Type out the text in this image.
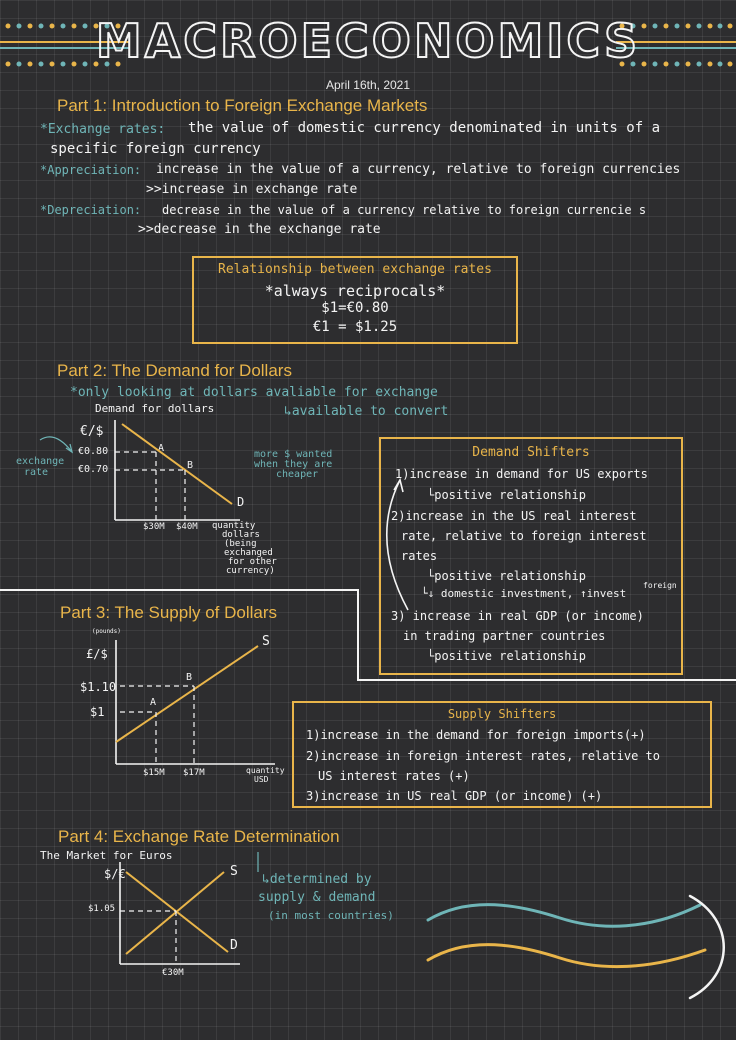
MACROECONOMICS
April 16th, 2021
Part 1: Introduction to Foreign Exchange Markets
*Exchange rates: the value of domestic currency denominated in units of a
specific foreign currency
*Appreciation: increase in the value of a currency, relative to foreign currencies
>>increase in exchange rate
*Depreciation: decrease in the value of a currency relative to foreign currencie s
>>decrease in the exchange rate
Relationship between exchange rates
*always reciprocals*
$1=€0.80
€1 = $1.25
Part 2: The Demand for Dollars
*only looking at dollars avaliable for exchange
↳available to convert
Demand for dollars
€/$
exchange
rate
€0.80
€0.70
A
B
D
$30M $40M quantity
dollars
(being
exchanged
for other
currency)
more $ wanted
when they are
cheaper
Demand Shifters
1)increase in demand for US exports
└positive relationship
2)increase in the US real interest
rate, relative to foreign interest
rates
└positive relationship
└↓ domestic investment, ↑invest
foreign
3) increase in real GDP (or income)
in trading partner countries
└positive relationship
Part 3: The Supply of Dollars
(pounds)
£/$
$1.10
$1
A
B
S
$15M $17M	quantity
USD
Supply Shifters
1)increase in the demand for foreign imports(+)
2)increase in foreign interest rates, relative to
US interest rates (+)
3)increase in US real GDP (or income) (+)
Part 4: Exchange Rate Determination
The Market for Euros
$/€
$1.05
€30M
S
D
↳determined by
supply & demand
(in most countries)
